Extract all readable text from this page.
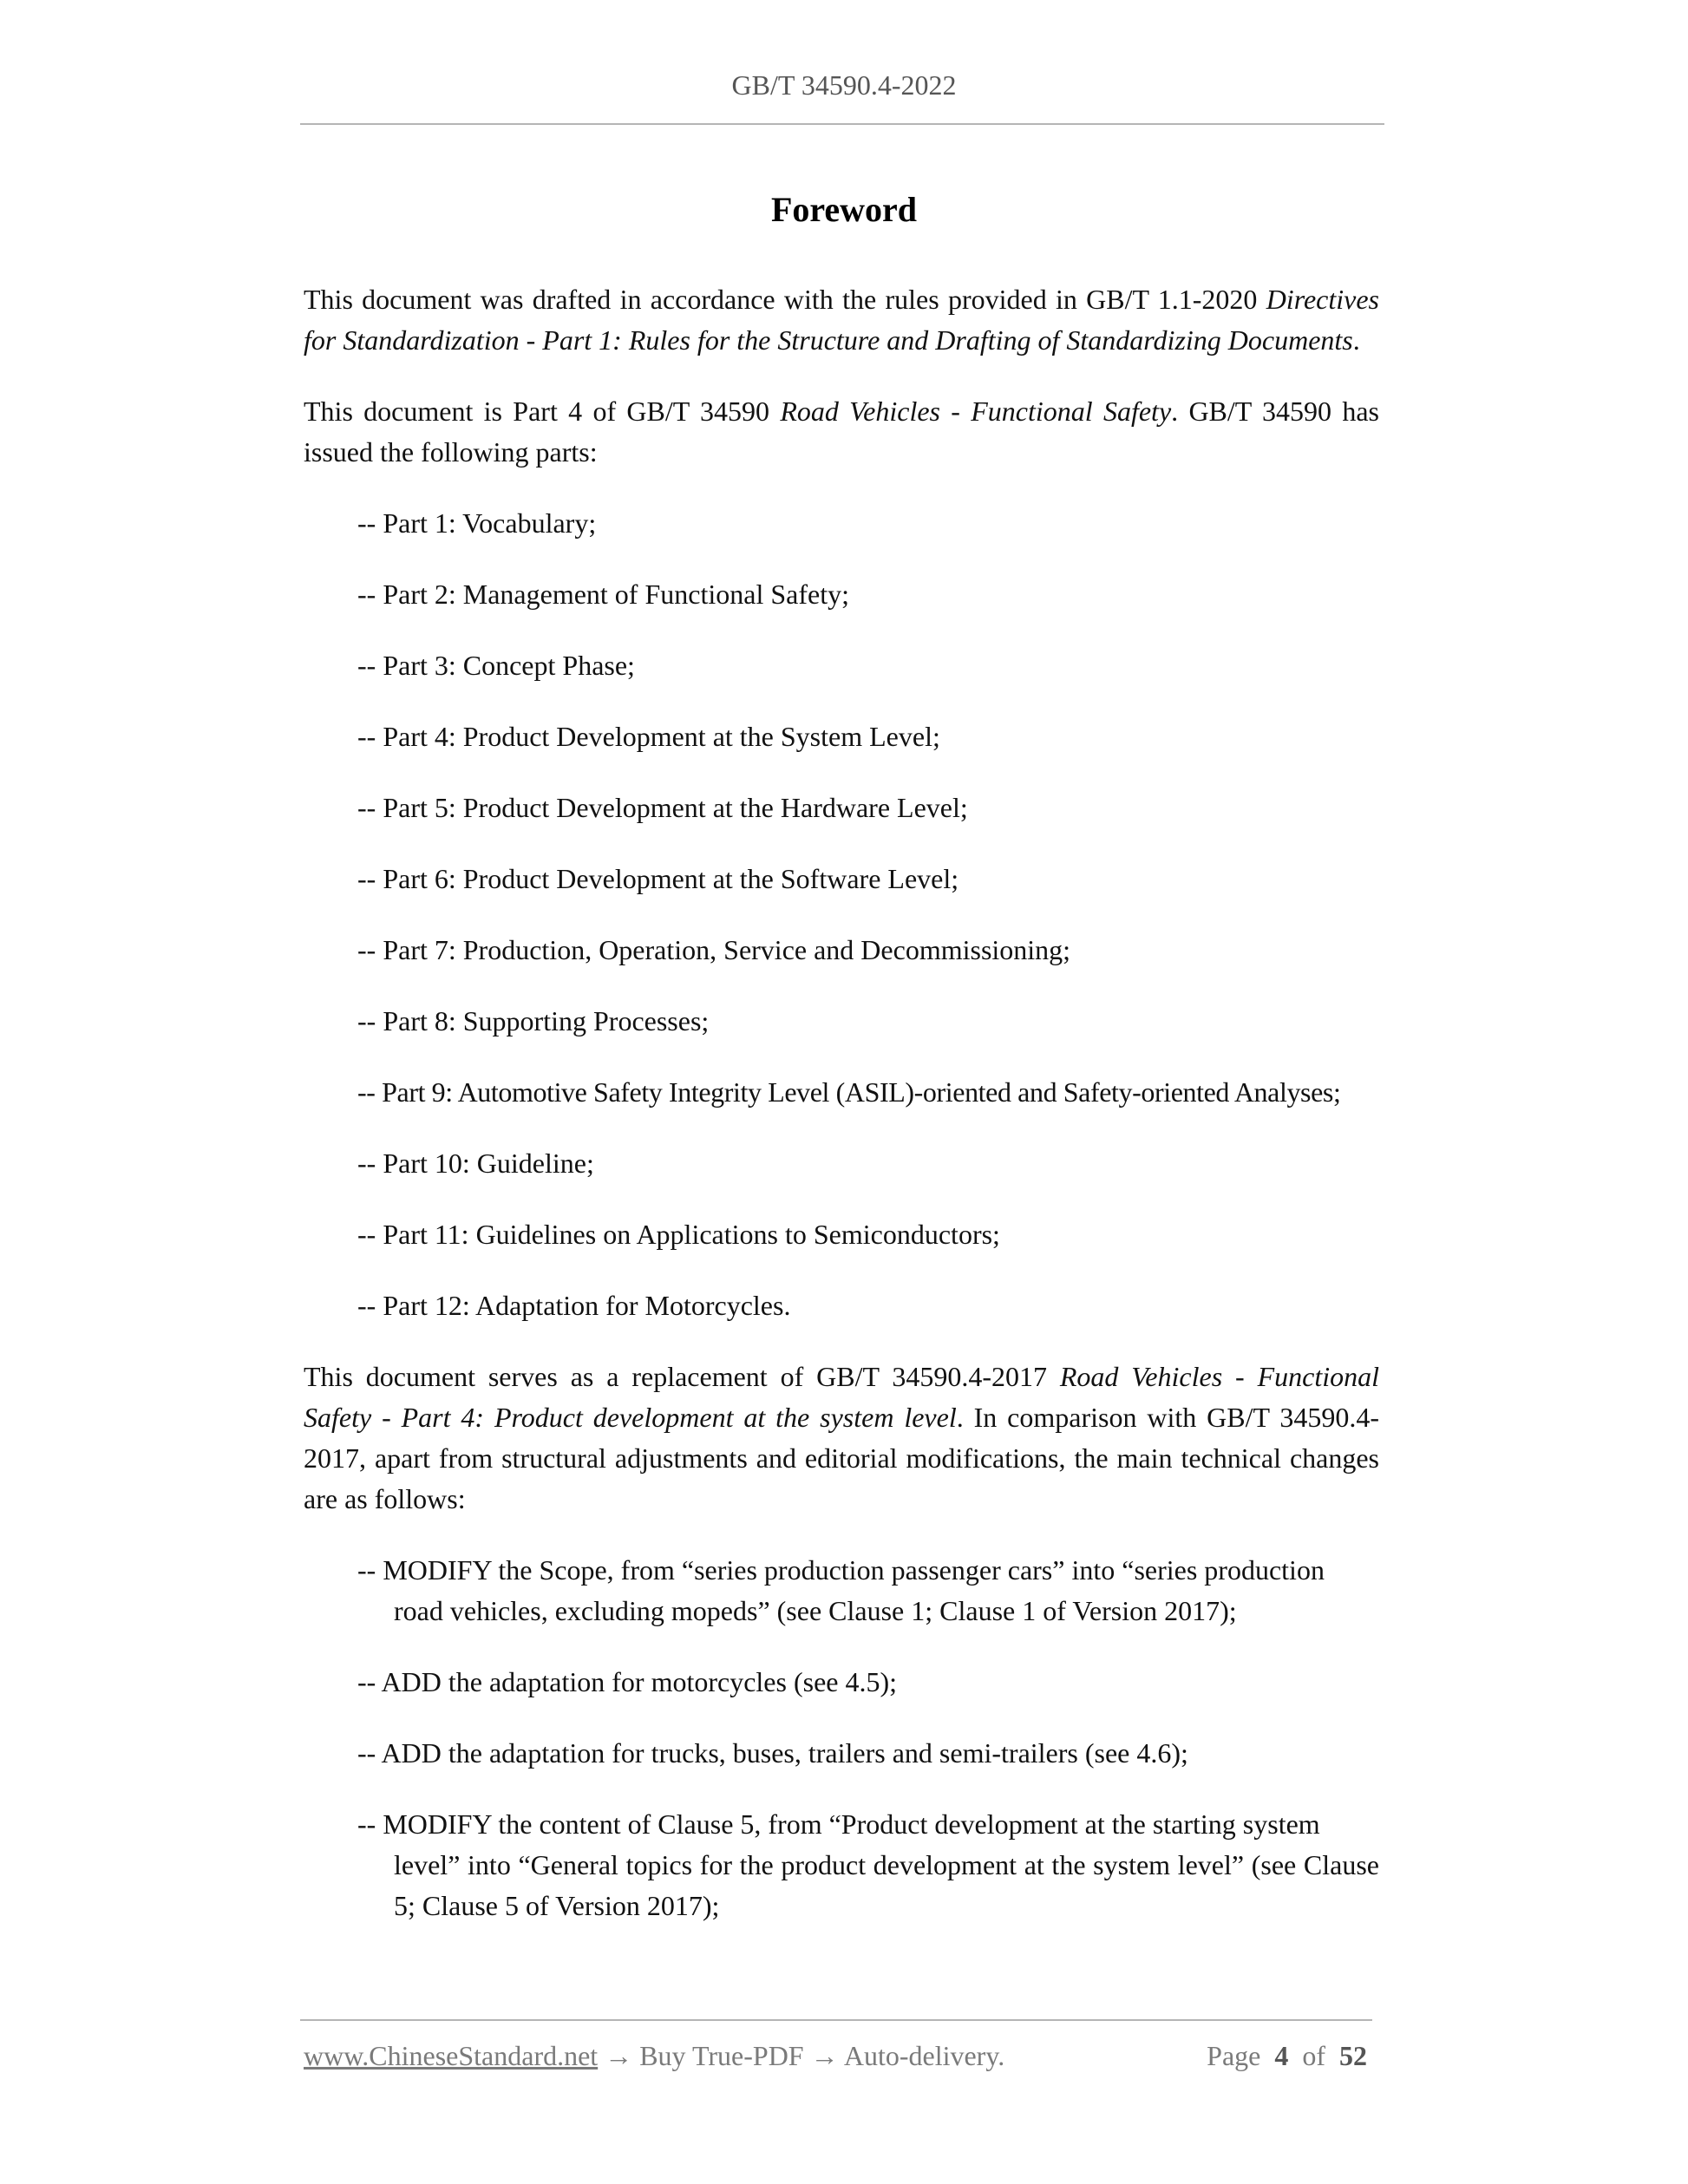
GB/T 34590.4-2022
Foreword

This document was drafted in accordance with the rules provided in GB/T 1.1-2020 Directives for Standardization - Part 1: Rules for the Structure and Drafting of Standardizing Documents.

This document is Part 4 of GB/T 34590 Road Vehicles - Functional Safety. GB/T 34590 has issued the following parts:

-- Part 1: Vocabulary;
-- Part 2: Management of Functional Safety;
-- Part 3: Concept Phase;
-- Part 4: Product Development at the System Level;
-- Part 5: Product Development at the Hardware Level;
-- Part 6: Product Development at the Software Level;
-- Part 7: Production, Operation, Service and Decommissioning;
-- Part 8: Supporting Processes;
-- Part 9: Automotive Safety Integrity Level (ASIL)-oriented and Safety-oriented Analyses;
-- Part 10: Guideline;
-- Part 11: Guidelines on Applications to Semiconductors;
-- Part 12: Adaptation for Motorcycles.

This document serves as a replacement of GB/T 34590.4-2017 Road Vehicles - Functional Safety - Part 4: Product development at the system level. In comparison with GB/T 34590.4-2017, apart from structural adjustments and editorial modifications, the main technical changes are as follows:

-- MODIFY the Scope, from “series production passenger cars” into “series production
road vehicles, excluding mopeds” (see Clause 1; Clause 1 of Version 2017);
-- ADD the adaptation for motorcycles (see 4.5);
-- ADD the adaptation for trucks, buses, trailers and semi-trailers (see 4.6);
-- MODIFY the content of Clause 5, from “Product development at the starting system
level” into “General topics for the product development at the system level” (see Clause 5; Clause 5 of Version 2017);
www.ChineseStandard.net → Buy True-PDF → Auto-delivery.	Page 4 of 52
